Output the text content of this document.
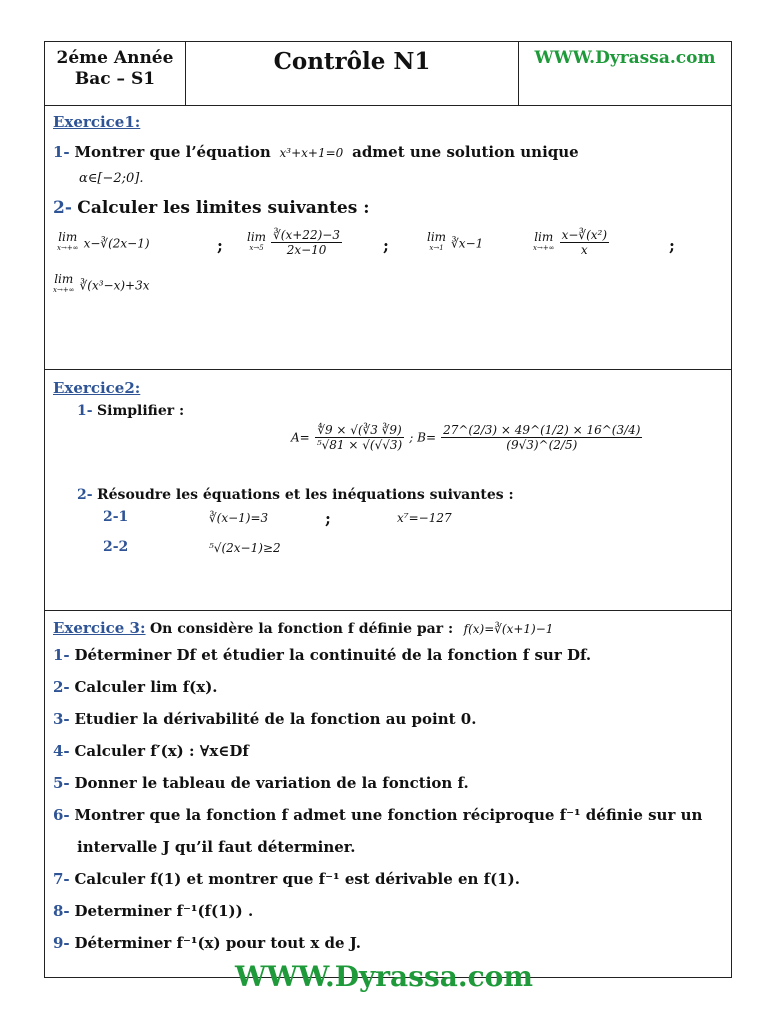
2éme Année
Bac – S1
	Contrôle N1	WWW.Dyrassa.com

Exercice1:
1- Montrer que l’équation x³+x+1=0 admet une solution unique
α∈[−2;0].
2- Calculer les limites suivantes :
lim
x→+∞ x−∛(2x−1)	; lim
x→5
$\frac{∛(x+22)-3}{2x-10}$	;	lim
x→1 ∛x−1	lim
x→+∞
$\frac{\text{x−∛(x²)}}{x}$	;
lim
x→+∞ ∛(x³−x)+3x

Exercice2:
1- Simplifier :
$A= \frac{∜9 \times √(∛3 ∛9)}{\text{⁵√81 × √(√√3)}}$ ; $B= \frac{27\^{}(2/3) \times 49\^{}(1/2) \times 16\^{}(3/4)}{(9√3)\^{}(2/5)}$
2- Résoudre les équations et les inéquations suivantes :
2-1	∛(x−1)=3	;	x⁷=−127
2-2	⁵√(2x−1)≥2

Exercice 3: On considère la fonction f définie par : f(x)=∛(x+1)−1
1- Déterminer Df et étudier la continuité de la fonction f sur Df.
2- Calculer lim f(x).
3- Etudier la dérivabilité de la fonction au point 0.
4- Calculer f′(x) : ∀x∈Df
5- Donner le tableau de variation de la fonction f.
6- Montrer que la fonction f admet une fonction réciproque f⁻¹ définie sur un
intervalle J qu’il faut déterminer.
7- Calculer f(1) et montrer que f⁻¹ est dérivable en f(1).
8- Determiner f⁻¹(f(1)) .
9- Déterminer f⁻¹(x) pour tout x de J.
WWW.Dyrassa.com
